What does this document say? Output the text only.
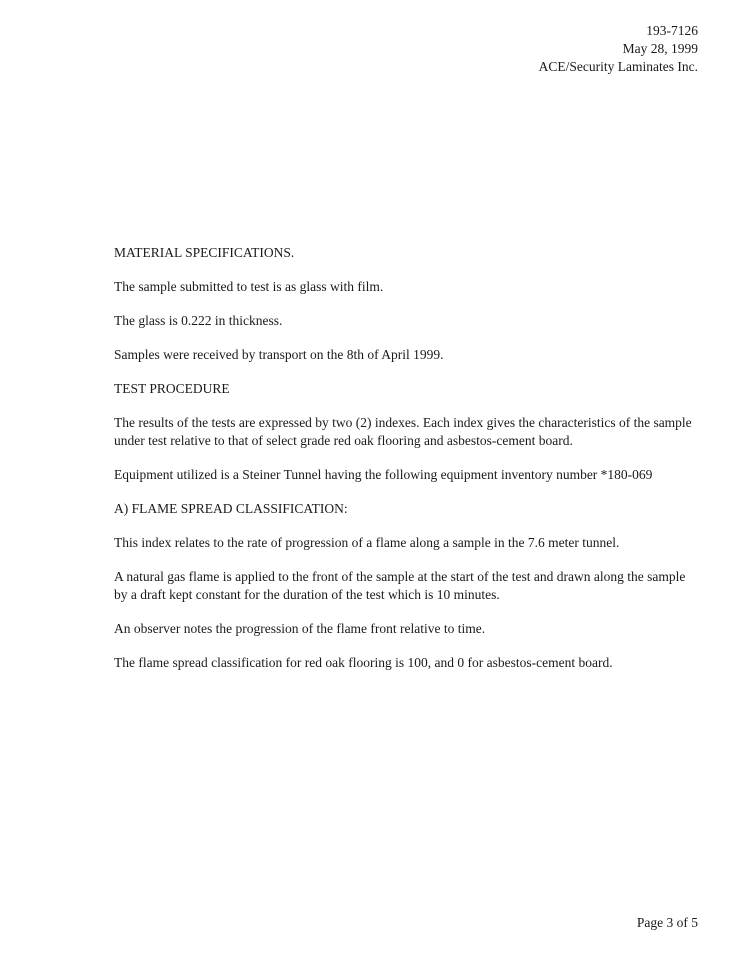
193-7126
May 28, 1999
ACE/Security Laminates Inc.

MATERIAL SPECIFICATIONS.

The sample submitted to test is as glass with film.

The glass is 0.222 in thickness.

Samples were received by transport on the 8th of April 1999.

TEST PROCEDURE

The results of the tests are expressed by two (2) indexes. Each index gives the characteristics of the sample under test relative to that of select grade red oak flooring and asbestos-cement board.

Equipment utilized is a Steiner Tunnel having the following equipment inventory number *180-069

A) FLAME SPREAD CLASSIFICATION:

This index relates to the rate of progression of a flame along a sample in the 7.6 meter tunnel.

A natural gas flame is applied to the front of the sample at the start of the test and drawn along the sample by a draft kept constant for the duration of the test which is 10 minutes.

An observer notes the progression of the flame front relative to time.

The flame spread classification for red oak flooring is 100, and 0 for asbestos-cement board.

Page 3 of 5
